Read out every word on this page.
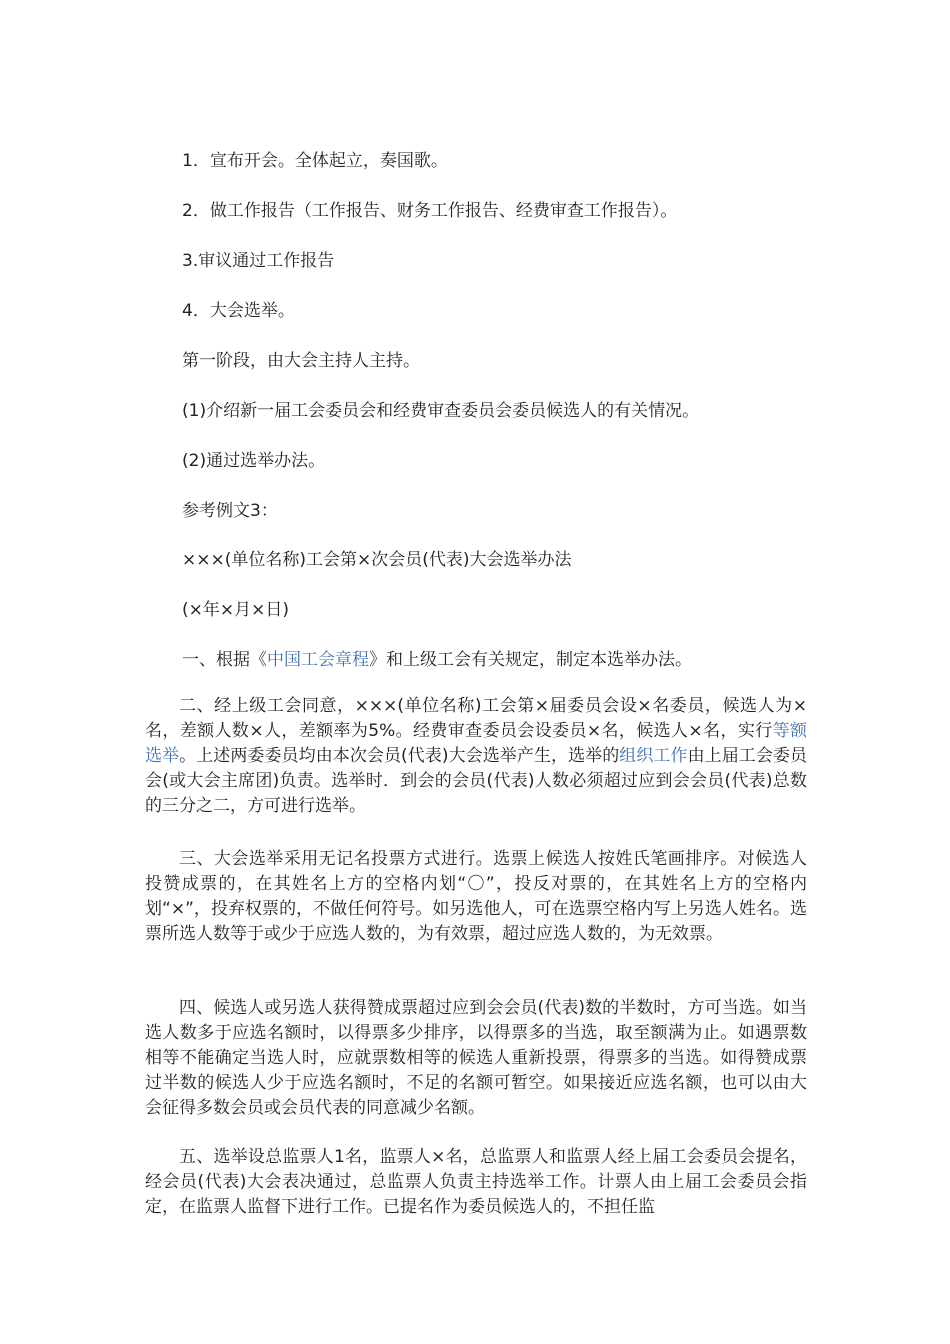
1．宣布开会。全体起立，奏国歌。
2．做工作报告（工作报告、财务工作报告、经费审查工作报告）。
3.审议通过工作报告
4．大会选举。
第一阶段，由大会主持人主持。
(1)介绍新一届工会委员会和经费审查委员会委员候选人的有关情况。
(2)通过选举办法。
参考例文3：
×××(单位名称)工会第×次会员(代表)大会选举办法
(×年×月×日)
一、根据《中国工会章程》和上级工会有关规定，制定本选举办法。
二、经上级工会同意，×××(单位名称)工会第×届委员会设×名委员，候选人为×名，差额人数×人，差额率为5%。经费审查委员会设委员×名，候选人×名，实行等额选举。上述两委委员均由本次会员(代表)大会选举产生，选举的组织工作由上届工会委员会(或大会主席团)负责。选举时．到会的会员(代表)人数必须超过应到会会员(代表)总数的三分之二，方可进行选举。
三、大会选举采用无记名投票方式进行。选票上候选人按姓氏笔画排序。对候选人投赞成票的，在其姓名上方的空格内划“〇”，投反对票的，在其姓名上方的空格内划“×”，投弃权票的，不做任何符号。如另选他人，可在选票空格内写上另选人姓名。选票所选人数等于或少于应选人数的，为有效票，超过应选人数的，为无效票。
四、候选人或另选人获得赞成票超过应到会会员(代表)数的半数时，方可当选。如当选人数多于应选名额时，以得票多少排序，以得票多的当选，取至额满为止。如遇票数相等不能确定当选人时，应就票数相等的候选人重新投票，得票多的当选。如得赞成票过半数的候选人少于应选名额时，不足的名额可暂空。如果接近应选名额，也可以由大会征得多数会员或会员代表的同意减少名额。
五、选举设总监票人1名，监票人×名，总监票人和监票人经上届工会委员会提名，经会员(代表)大会表决通过，总监票人负责主持选举工作。计票人由上届工会委员会指定，在监票人监督下进行工作。已提名作为委员候选人的，不担任监
